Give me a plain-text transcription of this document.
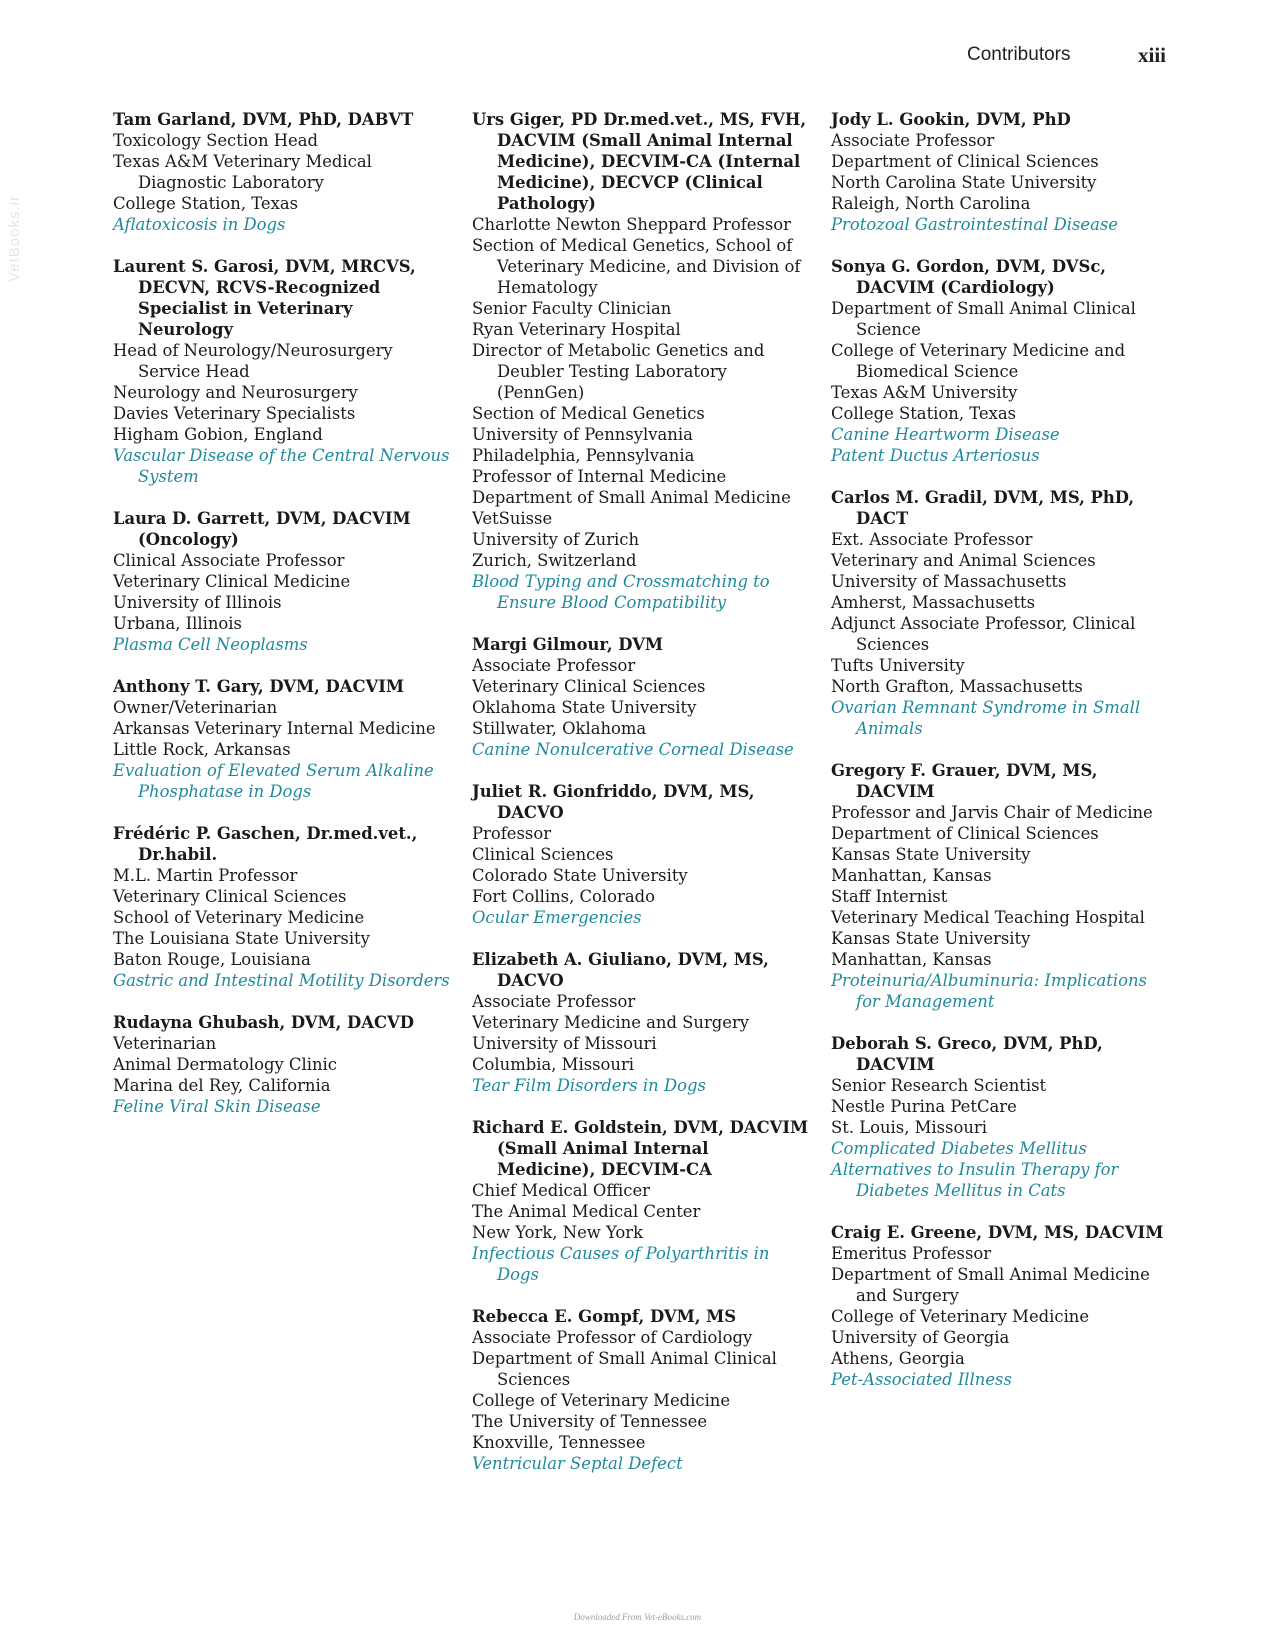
Contributors	xiii
VetBooks.ir
Tam Garland, DVM, PhD, DABVT
Toxicology Section Head
Texas A&M Veterinary Medical Diagnostic Laboratory
College Station, Texas
Aflatoxicosis in Dogs
Laurent S. Garosi, DVM, MRCVS, DECVN, RCVS-Recognized Specialist in Veterinary Neurology
Head of Neurology/Neurosurgery Service Head
Neurology and Neurosurgery
Davies Veterinary Specialists
Higham Gobion, England
Vascular Disease of the Central Nervous System
Laura D. Garrett, DVM, DACVIM (Oncology)
Clinical Associate Professor
Veterinary Clinical Medicine
University of Illinois
Urbana, Illinois
Plasma Cell Neoplasms
Anthony T. Gary, DVM, DACVIM
Owner/Veterinarian
Arkansas Veterinary Internal Medicine
Little Rock, Arkansas
Evaluation of Elevated Serum Alkaline Phosphatase in Dogs
Frédéric P. Gaschen, Dr.med.vet., Dr.habil.
M.L. Martin Professor
Veterinary Clinical Sciences
School of Veterinary Medicine
The Louisiana State University
Baton Rouge, Louisiana
Gastric and Intestinal Motility Disorders
Rudayna Ghubash, DVM, DACVD
Veterinarian
Animal Dermatology Clinic
Marina del Rey, California
Feline Viral Skin Disease
Urs Giger, PD Dr.med.vet., MS, FVH, DACVIM (Small Animal Internal Medicine), DECVIM-CA (Internal Medicine), DECVCP (Clinical Pathology)
Charlotte Newton Sheppard Professor
Section of Medical Genetics, School of Veterinary Medicine, and Division of Hematology
Senior Faculty Clinician
Ryan Veterinary Hospital
Director of Metabolic Genetics and Deubler Testing Laboratory (PennGen)
Section of Medical Genetics
University of Pennsylvania
Philadelphia, Pennsylvania
Professor of Internal Medicine
Department of Small Animal Medicine
VetSuisse
University of Zurich
Zurich, Switzerland
Blood Typing and Crossmatching to Ensure Blood Compatibility
Margi Gilmour, DVM
Associate Professor
Veterinary Clinical Sciences
Oklahoma State University
Stillwater, Oklahoma
Canine Nonulcerative Corneal Disease
Juliet R. Gionfriddo, DVM, MS, DACVO
Professor
Clinical Sciences
Colorado State University
Fort Collins, Colorado
Ocular Emergencies
Elizabeth A. Giuliano, DVM, MS, DACVO
Associate Professor
Veterinary Medicine and Surgery
University of Missouri
Columbia, Missouri
Tear Film Disorders in Dogs
Richard E. Goldstein, DVM, DACVIM (Small Animal Internal Medicine), DECVIM-CA
Chief Medical Officer
The Animal Medical Center
New York, New York
Infectious Causes of Polyarthritis in Dogs
Rebecca E. Gompf, DVM, MS
Associate Professor of Cardiology
Department of Small Animal Clinical Sciences
College of Veterinary Medicine
The University of Tennessee
Knoxville, Tennessee
Ventricular Septal Defect
Jody L. Gookin, DVM, PhD
Associate Professor
Department of Clinical Sciences
North Carolina State University
Raleigh, North Carolina
Protozoal Gastrointestinal Disease
Sonya G. Gordon, DVM, DVSc, DACVIM (Cardiology)
Department of Small Animal Clinical Science
College of Veterinary Medicine and Biomedical Science
Texas A&M University
College Station, Texas
Canine Heartworm Disease
Patent Ductus Arteriosus
Carlos M. Gradil, DVM, MS, PhD, DACT
Ext. Associate Professor
Veterinary and Animal Sciences
University of Massachusetts
Amherst, Massachusetts
Adjunct Associate Professor, Clinical Sciences
Tufts University
North Grafton, Massachusetts
Ovarian Remnant Syndrome in Small Animals
Gregory F. Grauer, DVM, MS, DACVIM
Professor and Jarvis Chair of Medicine
Department of Clinical Sciences
Kansas State University
Manhattan, Kansas
Staff Internist
Veterinary Medical Teaching Hospital
Kansas State University
Manhattan, Kansas
Proteinuria/Albuminuria: Implications for Management
Deborah S. Greco, DVM, PhD, DACVIM
Senior Research Scientist
Nestle Purina PetCare
St. Louis, Missouri
Complicated Diabetes Mellitus
Alternatives to Insulin Therapy for Diabetes Mellitus in Cats
Craig E. Greene, DVM, MS, DACVIM
Emeritus Professor
Department of Small Animal Medicine and Surgery
College of Veterinary Medicine
University of Georgia
Athens, Georgia
Pet-Associated Illness
Downloaded From Vet-eBooks.com
